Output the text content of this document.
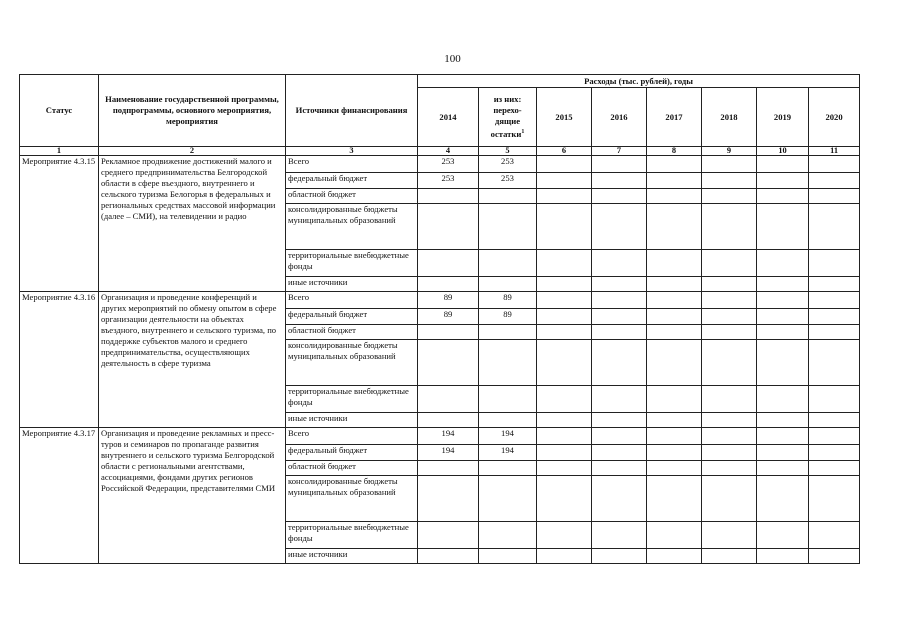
100
Статус	Наименование государственной программы, подпрограммы, основного мероприятия, мероприятия	Источники финансирования	Расходы (тыс. рублей), годы							
			2014	из них:
перехо-
дящие
остатки$^1$	2015	2016	2017	2018	2019	2020
1	2	3	4	5	6	7	8	9	10	11
Мероприятие 4.3.15	Рекламное продвижение достижений малого и среднего предпринимательства Белгородской области в сфере въездного, внутреннего и сельского туризма Белогорья в федеральных и региональных средствах массовой информации (далее – СМИ), на телевидении и радио	Всего	253	253						
		федеральный бюджет	253	253						
		областной бюджет								
		консолидированные бюджеты муниципальных образований								
		территориальные внебюджетные фонды								
		иные источники								
Мероприятие 4.3.16	Организация и проведение конференций и других мероприятий по обмену опытом в сфере организации деятельности на объектах въездного, внутреннего и сельского туризма, по поддержке субъектов малого и среднего предпринимательства, осуществляющих деятельность в сфере туризма	Всего	89	89						
		федеральный бюджет	89	89						
		областной бюджет								
		консолидированные бюджеты муниципальных образований								
		территориальные внебюджетные фонды								
		иные источники								
Мероприятие 4.3.17	Организация и проведение рекламных и пресс-туров и семинаров по пропаганде развития внутреннего и сельского туризма Белгородской области с региональными агентствами, ассоциациями, фондами других регионов Российской Федерации, представителями СМИ	Всего	194	194						
		федеральный бюджет	194	194						
		областной бюджет								
		консолидированные бюджеты муниципальных образований								
		территориальные внебюджетные фонды								
		иные источники								
